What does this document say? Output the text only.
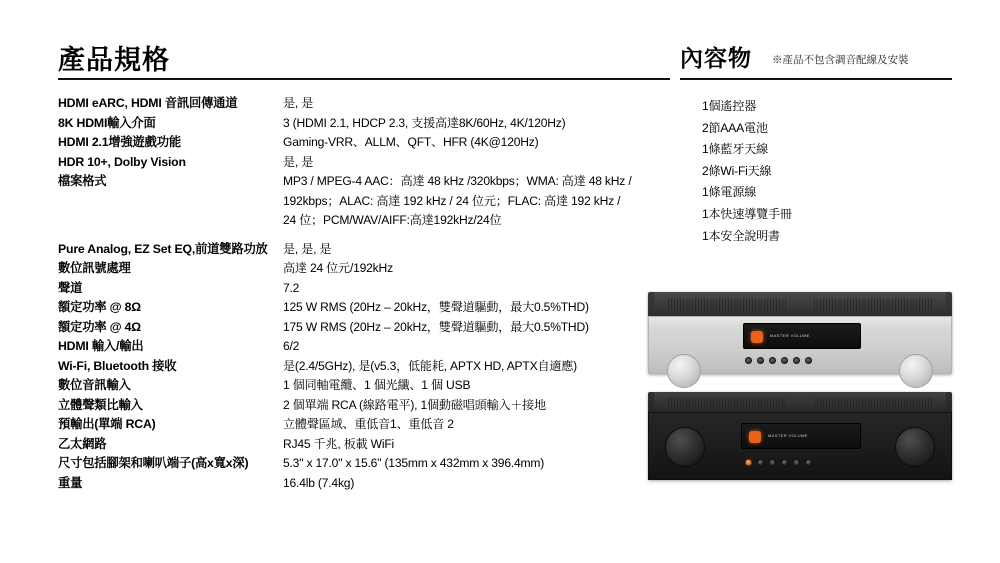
產品規格	內容物 ※產品不包含調音配線及安裝
HDMI eARC, HDMI 音訊回傳通道	是, 是
8K HDMI輸入介面	3 (HDMI 2.1, HDCP 2.3, 支援高達8K/60Hz, 4K/120Hz)
HDMI 2.1增強遊戲功能	Gaming-VRR、ALLM、QFT、HFR (4K@120Hz)
HDR 10+, Dolby Vision	是, 是
檔案格式	MP3 / MPEG-4 AAC：高達 48 kHz /320kbps；WMA: 高達 48 kHz /
192kbps；ALAC: 高達 192 kHz / 24 位元；FLAC: 高達 192 kHz /
24 位；PCM/WAV/AIFF:高達192kHz/24位
Pure Analog, EZ Set EQ,前道雙路功放	是, 是, 是
數位訊號處理	高達 24 位元/192kHz
聲道	7.2
額定功率 @ 8Ω	125 W RMS (20Hz – 20kHz，雙聲道驅動，最大0.5%THD)
額定功率 @ 4Ω	175 W RMS (20Hz – 20kHz，雙聲道驅動，最大0.5%THD)
HDMI 輸入/輸出	6/2
Wi-Fi, Bluetooth 接收	是(2.4/5GHz), 是(v5.3，低能耗, APTX HD, APTX自適應)
數位音訊輸入	1 個同軸電纜、1 個光纖、1 個 USB
立體聲類比輸入	2 個單端 RCA (線路電平), 1個動磁唱頭輸入＋接地
預輸出(單端 RCA)	立體聲區域、重低音1、重低音 2
乙太網路	RJ45 千兆, 板載 WiFi
尺寸包括腳架和喇叭端子(高x寬x深)	5.3" x 17.0" x 15.6" (135mm x 432mm x 396.4mm)
重量	16.4lb (7.4kg)
1個遙控器
2節AAA電池
1條藍牙天線
2條Wi-Fi天線
1條電源線
1本快速導覽手冊
1本安全說明書
MASTER VOLUME
MASTER VOLUME
